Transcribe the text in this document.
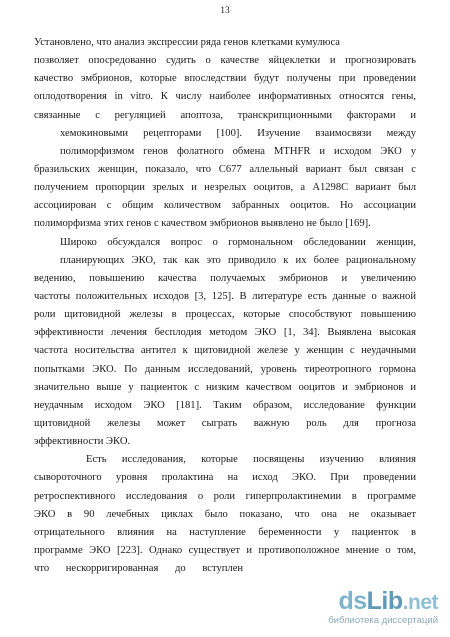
13
Установлено, что анализ экспрессии ряда генов клетками кумулюса
позволяет опосредованно судить о качестве яйцеклетки и прогнозировать
качество эмбрионов, которые впоследствии будут получены при проведении
оплодотворения in vitro. К числу наиболее информативных относятся гены,
связанные с регуляцией апоптоза, транскрипционными факторами и
хемокиновыми рецепторами [100]. Изучение взаимосвязи между
полиморфизмом генов фолатного обмена MTHFR и исходом ЭКО у
бразильских женщин, показало, что C677 аллельный вариант был связан с
получением пропорции зрелых и незрелых ооцитов, а A1298C вариант был
ассоциирован с общим количеством забранных ооцитов. Но ассоциации
полиморфизма этих генов с качеством эмбрионов выявлено не было [169].
Широко обсуждался вопрос о гормональном обследовании женщин,
планирующих ЭКО, так как это приводило к их более рациональному
ведению, повышению качества получаемых эмбрионов и увеличению
частоты положительных исходов [3, 125]. В литературе есть данные о важной
роли щитовидной железы в процессах, которые способствуют повышению
эффективности лечения бесплодия методом ЭКО [1, 34]. Выявлена высокая
частота носительства антител к щитовидной железе у женщин с неудачными
попытками ЭКО. По данным исследований, уровень тиреотропного гормона
значительно выше у пациенток с низким качеством ооцитов и эмбрионов и
неудачным исходом ЭКО [181]. Таким образом, исследование функции
щитовидной железы может сыграть важную роль для прогноза
эффективности ЭКО.
Есть исследования, которые посвящены изучению влияния
сывороточного уровня пролактина на исход ЭКО. При проведении
ретроспективного исследования о роли гиперпролактинемии в программе
ЭКО в 90 лечебных циклах было показано, что она не оказывает
отрицательного влияния на наступление беременности у пациенток в
программе ЭКО [223]. Однако существует и противоположное мнение о том,
что нескорригированная до вступлен
dsLib.net
библиотека диссертаций
